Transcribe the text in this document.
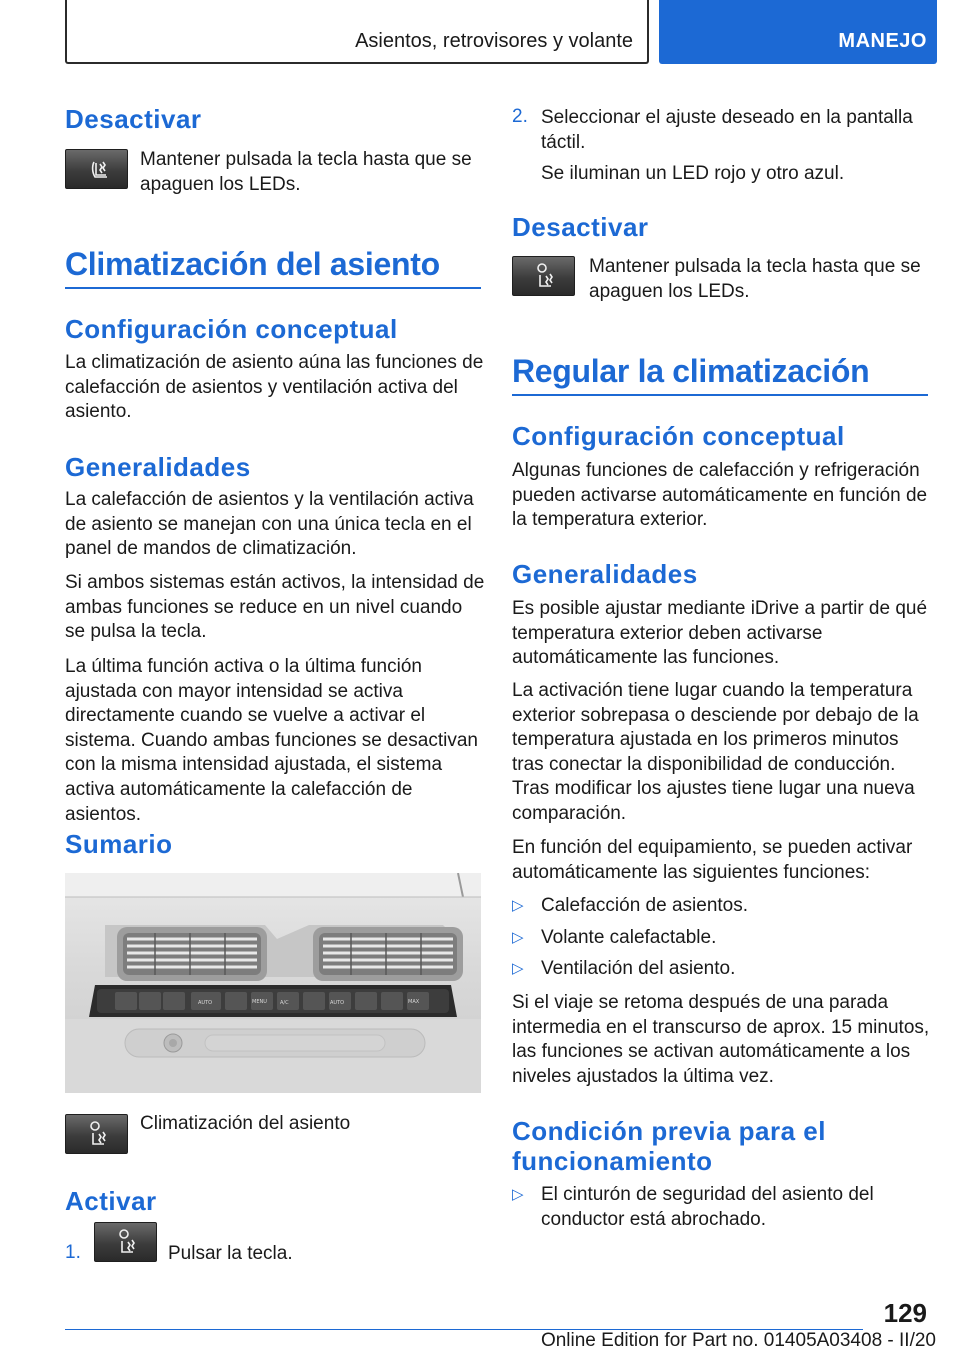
Asientos, retrovisores y volante	MANEJO
Desactivar
Mantener pulsada la tecla hasta que se apaguen los LEDs.
Climatización del asiento
Configuración conceptual
La climatización de asiento aúna las funciones de calefacción de asientos y ventilación activa del asiento.
Generalidades
La calefacción de asientos y la ventilación activa de asiento se manejan con una única tecla en el panel de mandos de climatización.
Si ambos sistemas están activos, la intensidad de ambas funciones se reduce en un nivel cuando se pulsa la tecla.
La última función activa o la última función ajustada con mayor intensidad se activa directamente cuando se vuelve a activar el sistema. Cuando ambas funciones se desactivan con la misma intensidad ajustada, el sistema activa automáticamente la calefacción de asientos.
Sumario
AUTO	MENU	A/C	AUTO	MAX
Climatización del asiento
Activar
1.	Pulsar la tecla.
2. Seleccionar el ajuste deseado en la pantalla táctil.
Se iluminan un LED rojo y otro azul.
Desactivar
Mantener pulsada la tecla hasta que se apaguen los LEDs.
Regular la climatización
Configuración conceptual
Algunas funciones de calefacción y refrigeración pueden activarse automáticamente en función de la temperatura exterior.
Generalidades
Es posible ajustar mediante iDrive a partir de qué temperatura exterior deben activarse automáticamente las funciones.
La activación tiene lugar cuando la temperatura exterior sobrepasa o desciende por debajo de la temperatura ajustada en los primeros minutos tras conectar la disponibilidad de conducción. Tras modificar los ajustes tiene lugar una nueva comparación.
En función del equipamiento, se pueden activar automáticamente las siguientes funciones:
▷ Calefacción de asientos.
▷ Volante calefactable.
▷ Ventilación del asiento.
Si el viaje se retoma después de una parada intermedia en el transcurso de aprox. 15 minutos, las funciones se activan automáticamente a los niveles ajustados la última vez.
Condición previa para el funcionamiento
▷ El cinturón de seguridad del asiento del conductor está abrochado.
129
Online Edition for Part no. 01405A03408 - II/20
